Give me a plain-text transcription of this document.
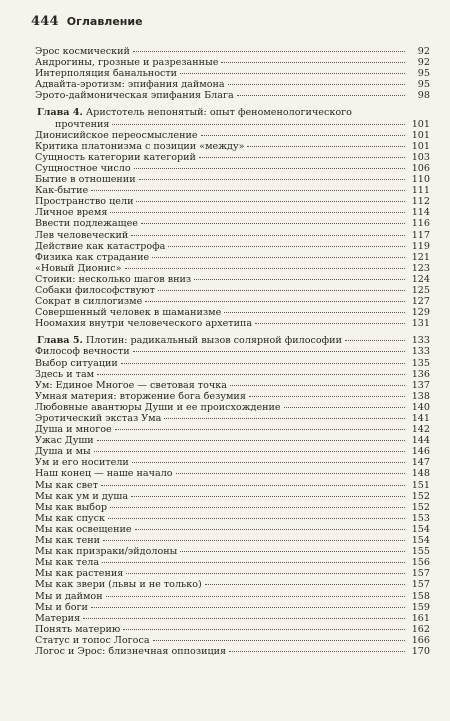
444 Оглавление
Эрос космический	92
Андрогины, грозные и разрезанные	92
Интерполяция банальности	95
Адвайта-эротизм: эпифания даймона	95
Эрото-даймоническая эпифания Блага	98
Глава 4. Аристотель непонятый: опыт феноменологического
прочтения	101
Дионисийское переосмысление	101
Критика платонизма с позиции «между»	101
Сущность категории категорий	103
Сущностное число	106
Бытие в отношении	110
Как-бытие	111
Пространство цели	112
Личное время	114
Ввести подлежащее	116
Лев человеческий	117
Действие как катастрофа	119
Физика как страдание	121
«Новый Дионис»	123
Стоики: несколько шагов вниз	124
Собаки философствуют	125
Сократ в силлогизме	127
Совершенный человек в шаманизме	129
Ноомахия внутри человеческого архетипа	131
Глава 5. Плотин: радикальный вызов солярной философии	133
Философ вечности	133
Выбор ситуации	135
Здесь и там	136
Ум: Единое Многое — световая точка	137
Умная материя: вторжение бога безумия	138
Любовные авантюры Души и ее происхождение	140
Эротический экстаз Ума	141
Душа и многое	142
Ужас Души	144
Душа и мы	146
Ум и его носители	147
Наш конец — наше начало	148
Мы как свет	151
Мы как ум и душа	152
Мы как выбор	152
Мы как спуск	153
Мы как освещение	154
Мы как тени	154
Мы как призраки/эйдолоны	155
Мы как тела	156
Мы как растения	157
Мы как звери (львы и не только)	157
Мы и даймон	158
Мы и боги	159
Материя	161
Понять материю	162
Статус и топос Логоса	166
Логос и Эрос: близнечная оппозиция	170
